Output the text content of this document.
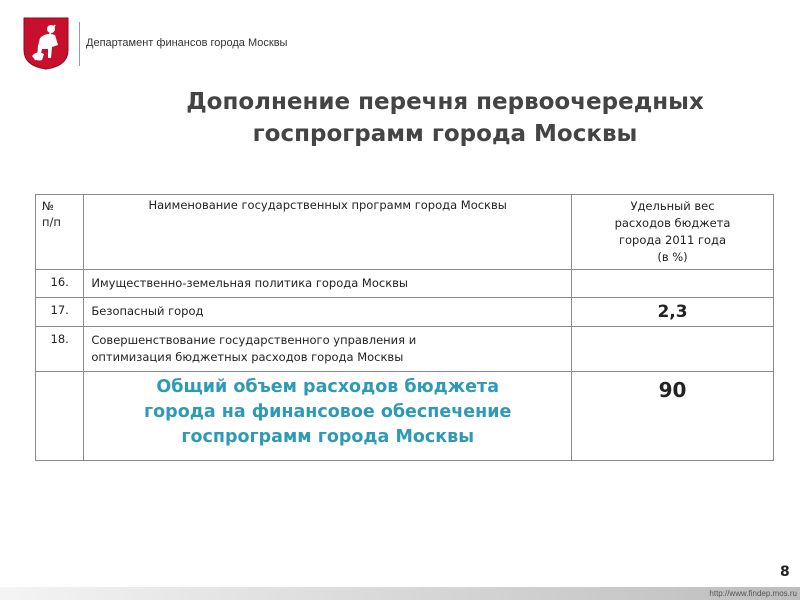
Департамент финансов города Москвы
Дополнение перечня первоочередных
госпрограмм города Москвы
№
п/п	Наименование государственных программ города Москвы	Удельный вес
расходов бюджета
города 2011 года
(в %)

16.	Имущественно-земельная политика города Москвы	

17.	Безопасный город	2,3
18.	Совершенствование государственного управления и
оптимизация бюджетных расходов города Москвы	

	Общий объем расходов бюджета
города на финансовое обеспечение
госпрограмм города Москвы	90
8
http://www.findep.mos.ru
